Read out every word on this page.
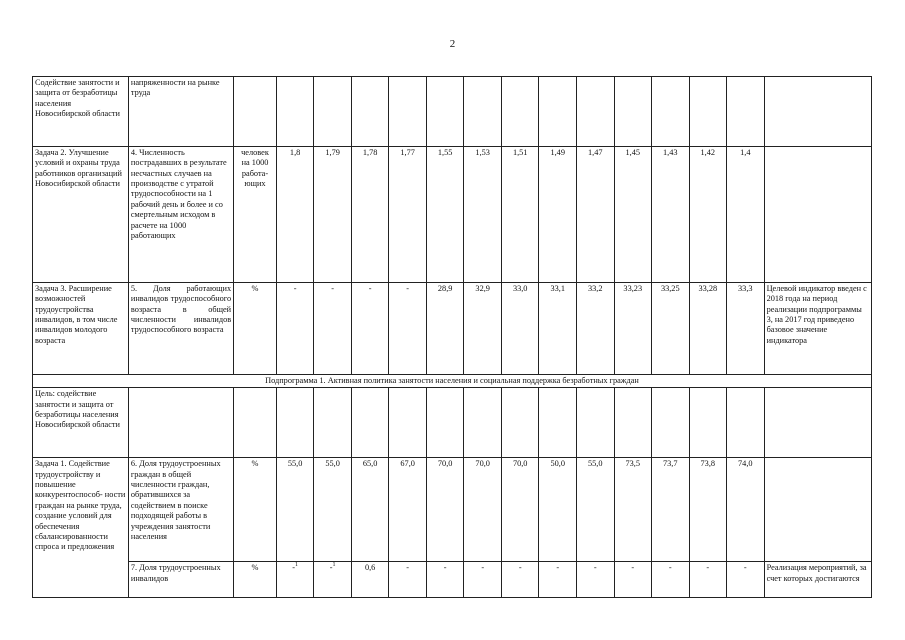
2
Содействие занятости и защита от безработицы населения Новосибирской области	напряженности на рынке труда															
Задача 2. Улучшение условий и охраны труда работников организаций Новосибирской области	4. Численность пострадавших в результате несчастных случаев на производстве с утратой трудоспособности на 1 рабочий день и более и со смертельным исходом в расчете на 1000 работающих	человек на 1000 работа- ющих	1,8	1,79	1,78	1,77	1,55	1,53	1,51	1,49	1,47	1,45	1,43	1,42	1,4	
Задача 3. Расширение возможностей трудоустройства инвалидов, в том числе инвалидов молодого возраста	5. Доля работающих инвалидов трудоспособного возраста в общей численности инвалидов трудоспособного возраста	%	-	-	-	-	28,9	32,9	33,0	33,1	33,2	33,23	33,25	33,28	33,3	Целевой индикатор введен с 2018 года на период реализации подпрограммы 3, на 2017 год приведено базовое значение индикатора
Подпрограмма 1. Активная политика занятости населения и социальная поддержка безработных граждан																
Цель: содействие занятости и защита от безработицы населения Новосибирской области																
Задача 1. Содействие трудоустройству и повышение конкурентоспособ- ности граждан на рынке труда, создание условий для обеспечения сбалансированности спроса и предложения	6. Доля трудоустроенных граждан в общей численности граждан, обратившихся за содействием в поиске подходящей работы в учреждения занятости населения	%	55,0	55,0	65,0	67,0	70,0	70,0	70,0	50,0	55,0	73,5	73,7	73,8	74,0	
	7. Доля трудоустроенных инвалидов	%	-$^1$	-$^1$	0,6	-	-	-	-	-	-	-	-	-	-	Реализация мероприятий, за счет которых достигаются
